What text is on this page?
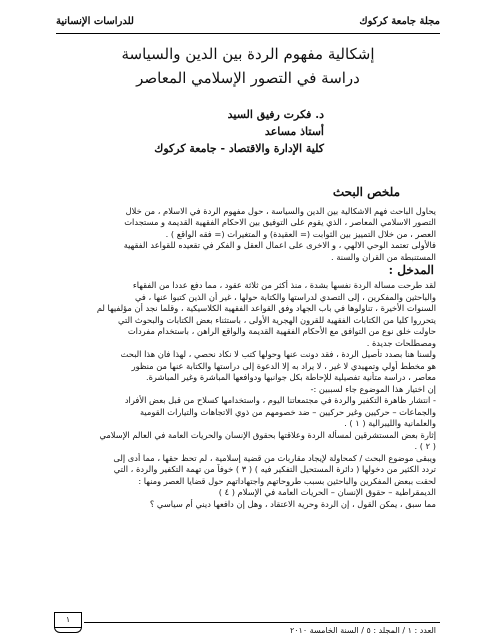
مجلة جامعة كركوك
للدراسات الإنسانية
إشكالية مفهوم الردة بين الدين والسياسة
دراسة في التصور الإسلامي المعاصر
د. فكرت رفيق السيد
أستاذ مساعد
كلية الإدارة والاقتصاد - جامعة كركوك
ملخص البحث
يحاول الباحث فهم الاشكالية بين الدين والسياسة ، حول مفهوم الردة في الاسلام ، من خلال
التصور الاسلامي المعاصر ، الذي يقوم على التوفيق بين الاحكام الفقهية القديمة و مستجدات
العصر ، من خلال التمييز بين الثوابت (= العقيدة) و المتغيرات (= فقه الواقع ) .
فالأولى تعتمد الوحي الالهي ، و الاخرى على اعمال العقل و الفكر في تقعيده للقواعد الفقهية
المستنبطة من القران والسنة .
المدخل :
لقد طرحت مسالة الردة نفسها بشدة ، منذ أكثر من ثلاثة عقود ، مما دفع عددا من الفقهاء
والباحثين والمفكرين ، إلى التصدي لدراستها والكتابة حولها ، غير أن الذين كتبوا عنها ، في
السنوات الأخيرة ، تناولوها في باب الجهاد وفق القواعد الفقهية الكلاسيكية ، وقلما نجد أن مؤلفيها لم
يتحرروا كليا من الكتابات الفقهية للقرون الهجرية الأولى ، باستثناء بعض الكتابات والبحوث التي
حاولت خلق نوع من التوافق مع الأحكام الفقهية القديمة والواقع الراهن ، باستخدام مفردات
ومصطلحات جديدة .
ولسنا هنا بصدد تأصيل الردة ، فقد دونت عنها وحولها كتب لا نكاد نحصي ، لهذا فان هذا البحث
هو مخطط أولي وتمهيدي لا غير ، لا يراد به إلا الدعوة إلى دراستها والكتابة عنها من منظور
معاصر ، دراسة متأنية تفصيلية للإحاطة بكل جوانبها ودوافعها المباشرة وغير المباشرة.
إن اختيار هذا الموضوع جاء لسببين :-
- انتشار ظاهرة التكفير والردة في مجتمعاتنا اليوم ، واستخدامها كسلاح من قبل بعض الأفراد
والجماعات – حركيين وغير حركيين – ضد خصومهم من ذوي الاتجاهات والتيارات القومية
والعلمانية والليبرالية ( ١ ) .
إثارة بعض المستشرقين لمسألة الردة وعلاقتها بحقوق الإنسان والحريات العامة في العالم الإسلامي
( ٢ ) .
ويبقى موضوع البحث / كمحاولة لإيجاد مقاربات من قضية إسلامية ، لم تحظ حقها ، مما أدى إلى
تردد الكثير من دخولها ( دائرة المستحيل التفكير فيه ) ( ٣ ) خوفاً من تهمة التكفير والردة ، التي
لحقت ببعض المفكرين والباحثين بسبب طروحاتهم واجتهاداتهم حول قضايا العصر ومنها :
الديمقراطية – حقوق الإنسان – الحريات العامة في الإسلام ( ٤ )
مما سبق ، يمكن القول ، إن الردة وحرية الاعتقاد ، وهل إن دافعها ديني أم سياسي ؟
١
العدد : ١ / المجلد : ٥ / السنة الخامسة ٢٠١٠
